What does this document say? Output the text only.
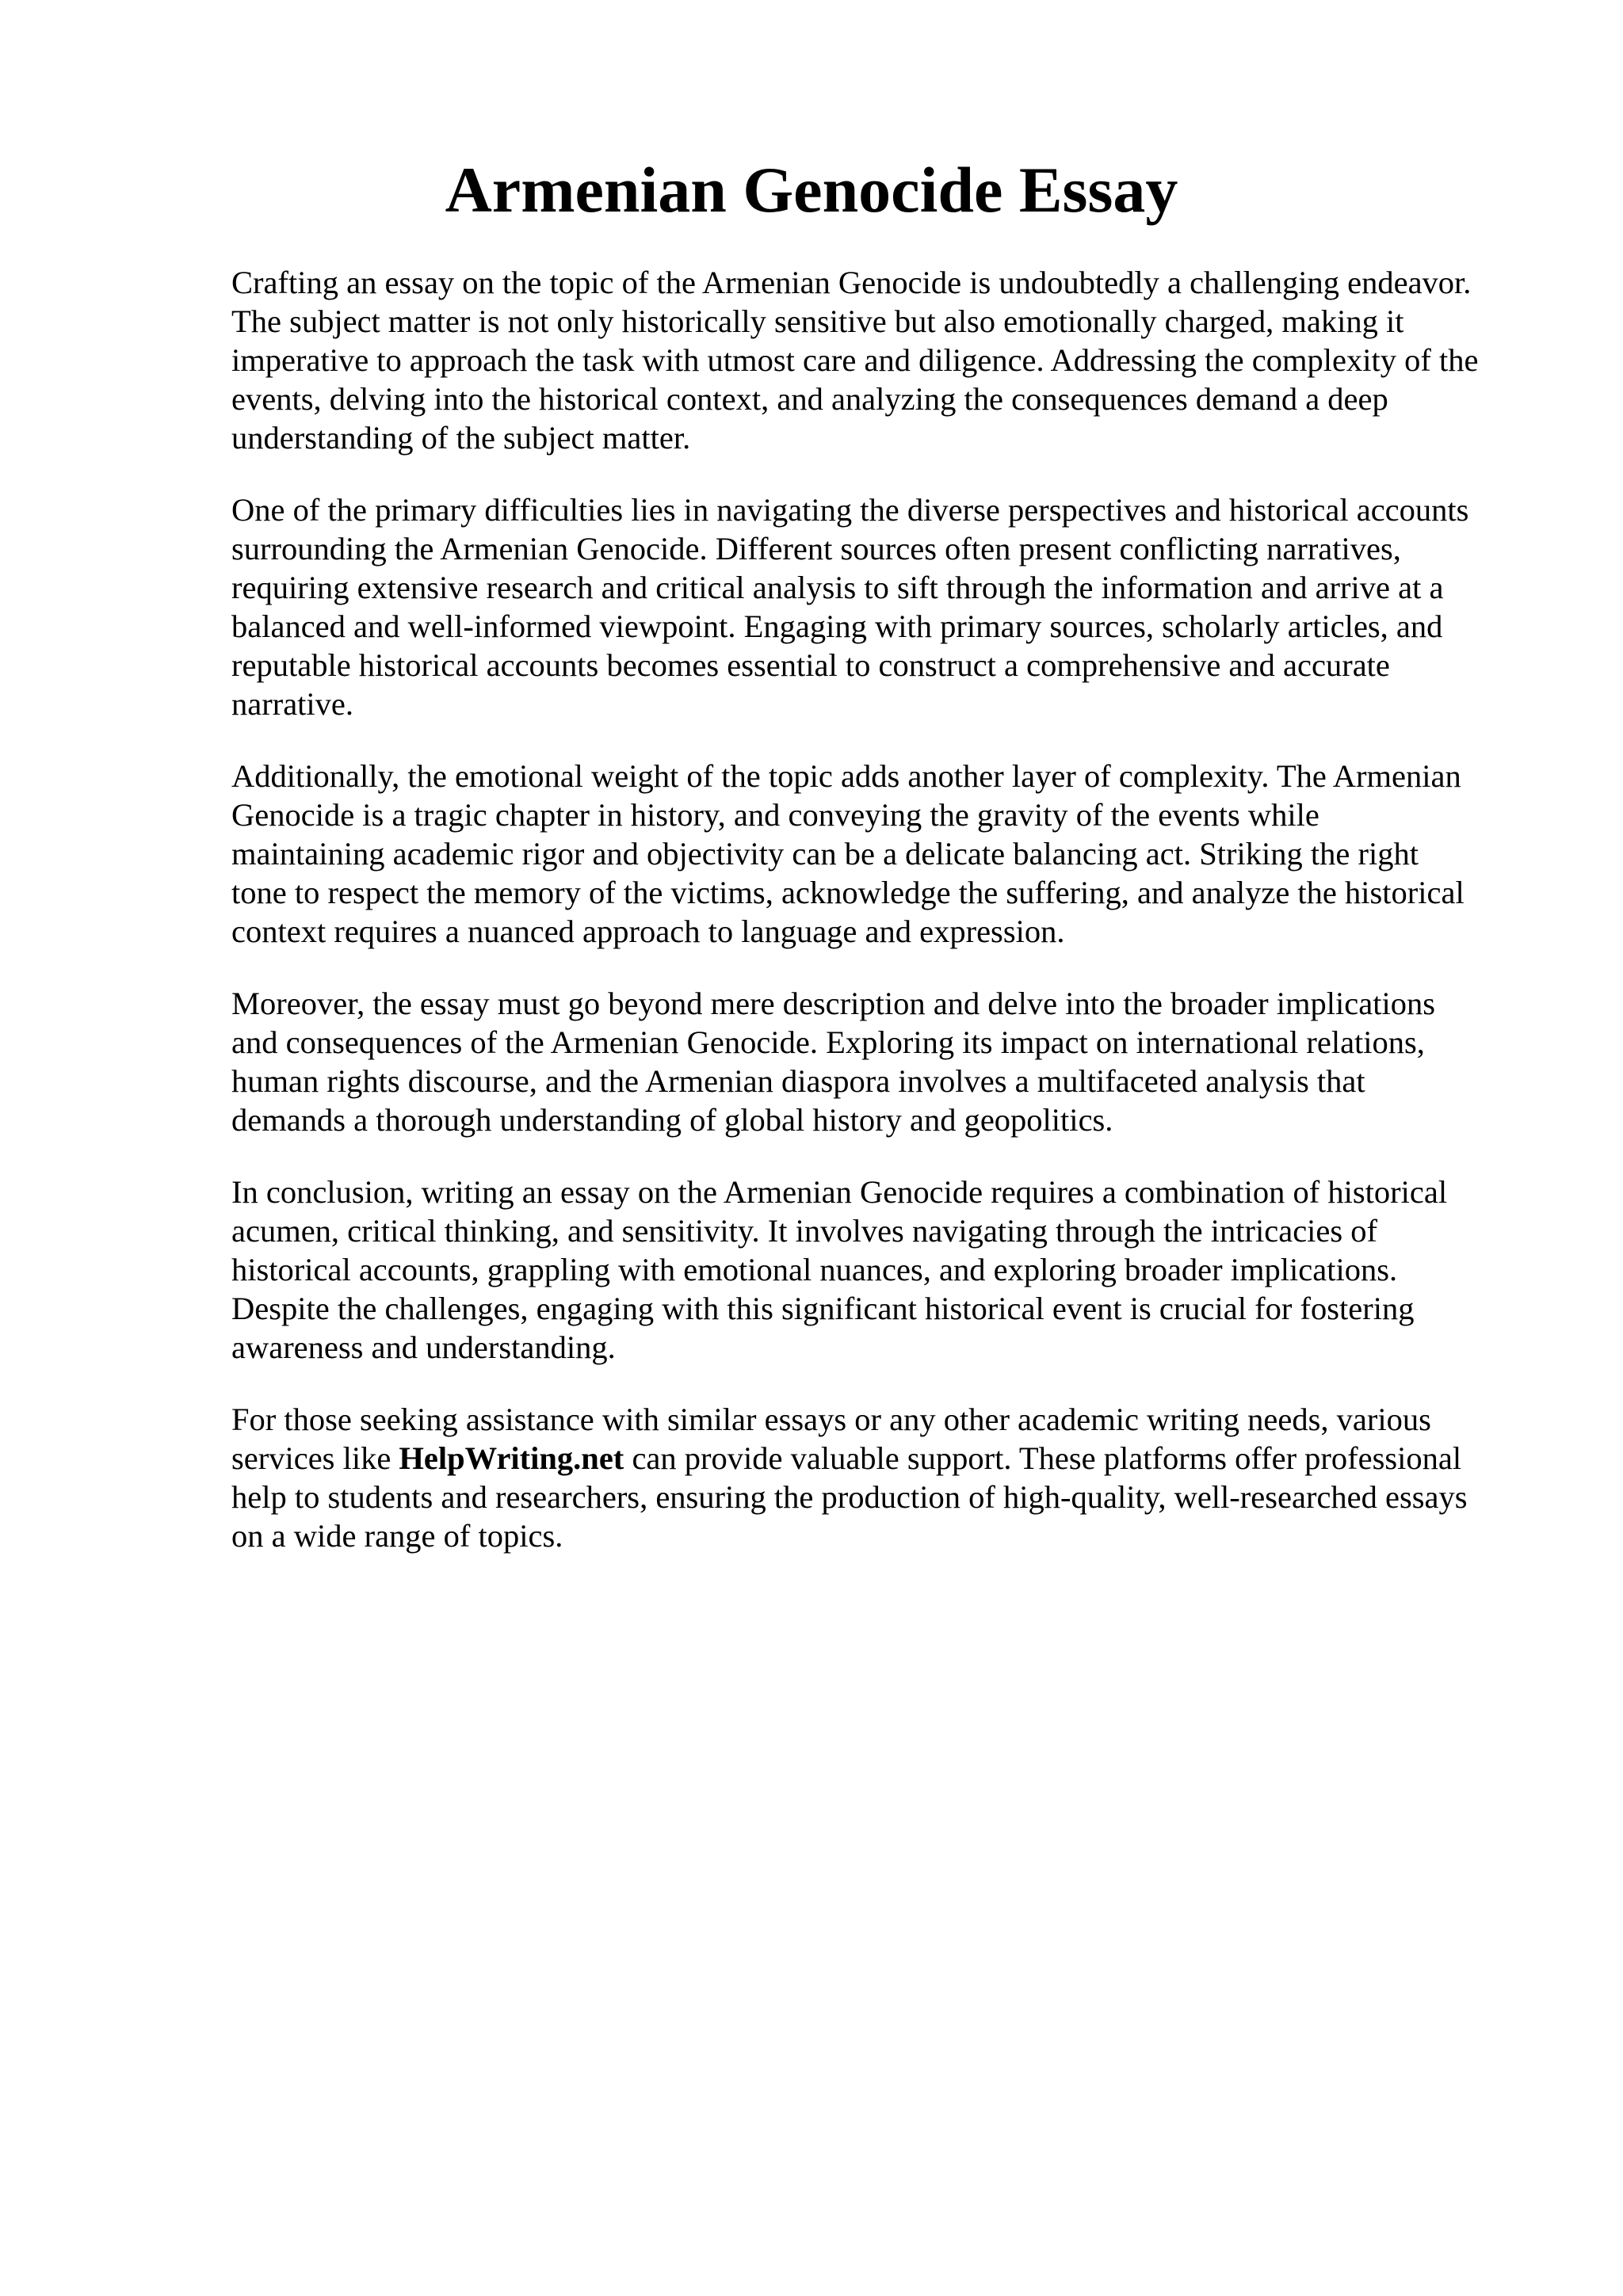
Armenian Genocide Essay

Crafting an essay on the topic of the Armenian Genocide is undoubtedly a challenging endeavor.
The subject matter is not only historically sensitive but also emotionally charged, making it
imperative to approach the task with utmost care and diligence. Addressing the complexity of the
events, delving into the historical context, and analyzing the consequences demand a deep
understanding of the subject matter.

One of the primary difficulties lies in navigating the diverse perspectives and historical accounts
surrounding the Armenian Genocide. Different sources often present conflicting narratives,
requiring extensive research and critical analysis to sift through the information and arrive at a
balanced and well-informed viewpoint. Engaging with primary sources, scholarly articles, and
reputable historical accounts becomes essential to construct a comprehensive and accurate
narrative.

Additionally, the emotional weight of the topic adds another layer of complexity. The Armenian
Genocide is a tragic chapter in history, and conveying the gravity of the events while
maintaining academic rigor and objectivity can be a delicate balancing act. Striking the right
tone to respect the memory of the victims, acknowledge the suffering, and analyze the historical
context requires a nuanced approach to language and expression.

Moreover, the essay must go beyond mere description and delve into the broader implications
and consequences of the Armenian Genocide. Exploring its impact on international relations,
human rights discourse, and the Armenian diaspora involves a multifaceted analysis that
demands a thorough understanding of global history and geopolitics.

In conclusion, writing an essay on the Armenian Genocide requires a combination of historical
acumen, critical thinking, and sensitivity. It involves navigating through the intricacies of
historical accounts, grappling with emotional nuances, and exploring broader implications.
Despite the challenges, engaging with this significant historical event is crucial for fostering
awareness and understanding.

For those seeking assistance with similar essays or any other academic writing needs, various
services like HelpWriting.net can provide valuable support. These platforms offer professional
help to students and researchers, ensuring the production of high-quality, well-researched essays
on a wide range of topics.
